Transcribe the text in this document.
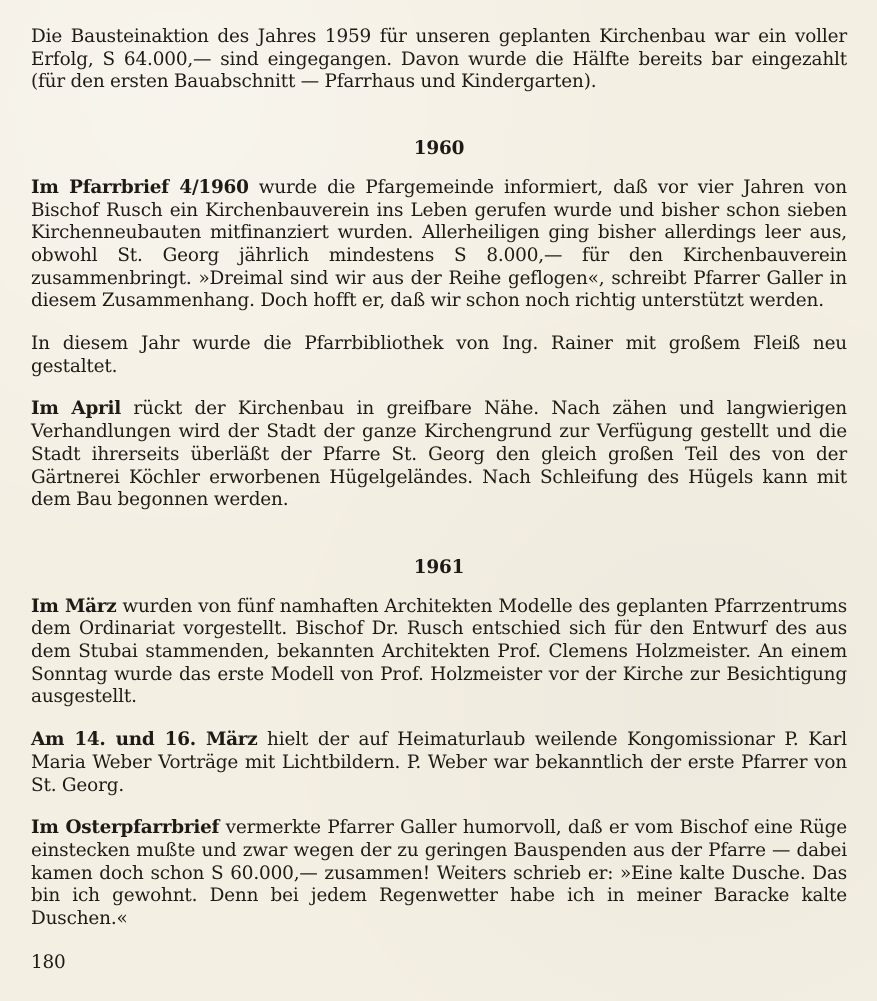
Die Bausteinaktion des Jahres 1959 für unseren geplanten Kirchenbau war ein voller Erfolg, S 64.000,— sind eingegangen. Davon wurde die Hälfte bereits bar eingezahlt (für den ersten Bauabschnitt — Pfarrhaus und Kindergarten).

1960

Im Pfarrbrief 4/1960 wurde die Pfargemeinde informiert, daß vor vier Jahren von Bischof Rusch ein Kirchenbauverein ins Leben gerufen wurde und bisher schon sieben Kirchenneubauten mitfinanziert wurden. Allerheiligen ging bisher allerdings leer aus, obwohl St. Georg jährlich mindestens S 8.000,— für den Kirchenbauverein zusammenbringt. »Dreimal sind wir aus der Reihe geflogen«, schreibt Pfarrer Galler in diesem Zusammenhang. Doch hofft er, daß wir schon noch richtig unterstützt werden.

In diesem Jahr wurde die Pfarrbibliothek von Ing. Rainer mit großem Fleiß neu gestaltet.

Im April rückt der Kirchenbau in greifbare Nähe. Nach zähen und langwierigen Verhandlungen wird der Stadt der ganze Kirchengrund zur Verfügung gestellt und die Stadt ihrerseits überläßt der Pfarre St. Georg den gleich großen Teil des von der Gärtnerei Köchler erworbenen Hügelgeländes. Nach Schleifung des Hügels kann mit dem Bau begonnen werden.

1961

Im März wurden von fünf namhaften Architekten Modelle des geplanten Pfarrzentrums dem Ordinariat vorgestellt. Bischof Dr. Rusch entschied sich für den Entwurf des aus dem Stubai stammenden, bekannten Architekten Prof. Clemens Holzmeister. An einem Sonntag wurde das erste Modell von Prof. Holzmeister vor der Kirche zur Besichtigung ausgestellt.

Am 14. und 16. März hielt der auf Heimaturlaub weilende Kongomissionar P. Karl Maria Weber Vorträge mit Lichtbildern. P. Weber war bekanntlich der erste Pfarrer von St. Georg.

Im Osterpfarrbrief vermerkte Pfarrer Galler humorvoll, daß er vom Bischof eine Rüge einstecken mußte und zwar wegen der zu geringen Bauspenden aus der Pfarre — dabei kamen doch schon S 60.000,— zusammen! Weiters schrieb er: »Eine kalte Dusche. Das bin ich gewohnt. Denn bei jedem Regenwetter habe ich in meiner Baracke kalte Duschen.«

180
